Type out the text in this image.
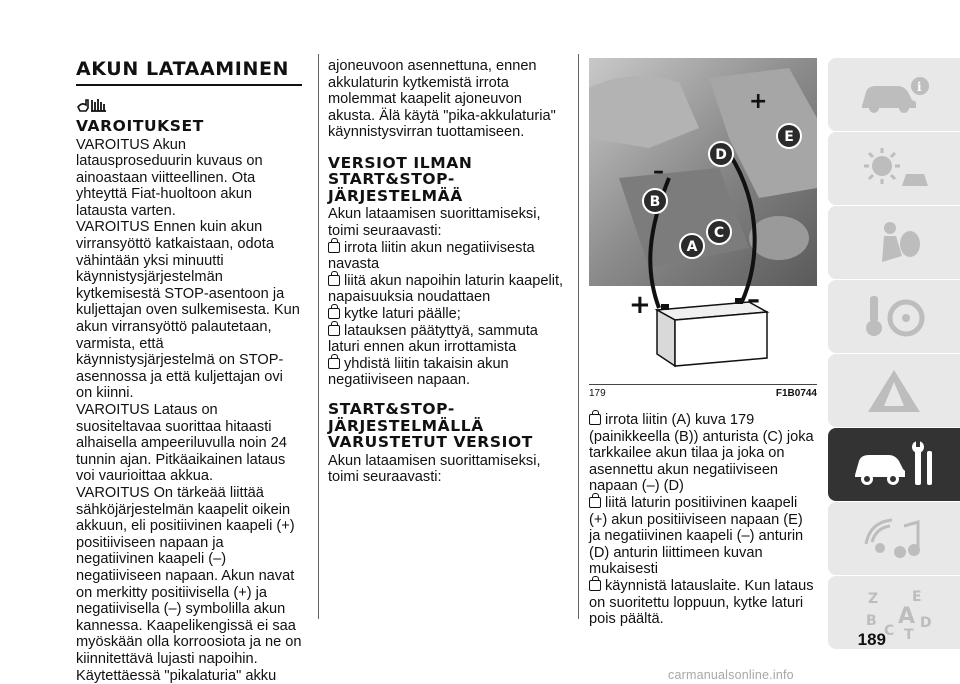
AKUN LATAAMINEN
VAROITUKSET

VAROITUS Akun latausproseduurin kuvaus on ainoastaan viitteellinen. Ota yhteyttä Fiat-huoltoon akun latausta varten.

VAROITUS Ennen kuin akun virransyöttö katkaistaan, odota vähintään yksi minuutti käynnistysjärjestelmän kytkemisestä STOP-asentoon ja kuljettajan oven sulkemisesta. Kun akun virransyöttö palautetaan, varmista, että käynnistysjärjestelmä on STOP-asennossa ja että kuljettajan ovi on kiinni.

VAROITUS Lataus on suositeltavaa suorittaa hitaasti alhaisella ampeeriluvulla noin 24 tunnin ajan. Pitkäaikainen lataus voi vaurioittaa akkua.

VAROITUS On tärkeää liittää sähköjärjestelmän kaapelit oikein akkuun, eli positiivinen kaapeli (+) positiiviseen napaan ja negatiivinen kaapeli (–) negatiiviseen napaan. Akun navat on merkitty positiivisella (+) ja negatiivisella (–) symbolilla akun kannessa. Kaapelikengissä ei saa myöskään olla korroosiota ja ne on kiinnitettävä lujasti napoihin. Käytettäessä "pikalaturia" akku

ajoneuvoon asennettuna, ennen akkulaturin kytkemistä irrota molemmat kaapelit ajoneuvon akusta. Älä käytä "pika-akkulaturia" käynnistysvirran tuottamiseen.

VERSIOT ILMAN START&STOP-JÄRJESTELMÄÄ

Akun lataamisen suorittamiseksi, toimi seuraavasti:

irrota liitin akun negatiivisesta navasta

liitä akun napoihin laturin kaapelit, napaisuuksia noudattaen

kytke laturi päälle;

latauksen päätyttyä, sammuta laturi ennen akun irrottamista

yhdistä liitin takaisin akun negatiiviseen napaan.

START&STOP-JÄRJESTELMÄLLÄ VARUSTETUT VERSIOT

Akun lataamisen suorittamiseksi, toimi seuraavasti:

+	–
+
–
A
B
C
D
E
179	F1B0744

irrota liitin (A) kuva 179 (painikkeella (B)) anturista (C) joka tarkkailee akun tilaa ja joka on asennettu akun negatiiviseen napaan (–) (D)

liitä laturin positiivinen kaapeli (+) akun positiiviseen napaan (E) ja negatiivinen kaapeli (–) anturin (D) anturin liittimeen kuvan mukaisesti

käynnistä latauslaite. Kun lataus on suoritettu loppuun, kytke laturi pois päältä.

i
Z E
B A D
C T
189
carmanualsonline.info
